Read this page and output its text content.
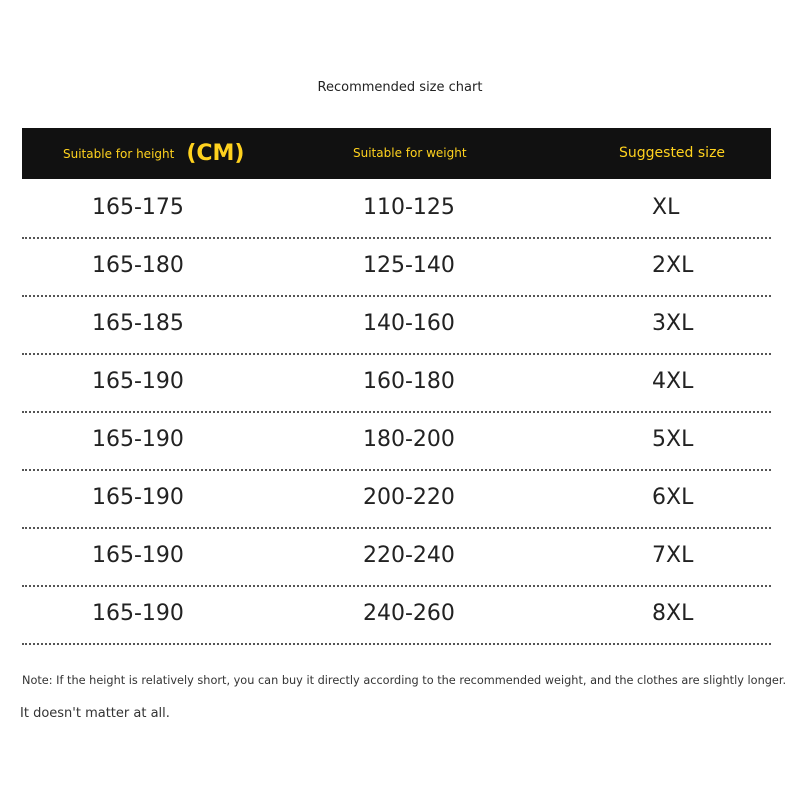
Recommended size chart
Suitable for height (CM)	Suitable for weight	Suggested size
165-175	110-125	XL
165-180	125-140	2XL
165-185	140-160	3XL
165-190	160-180	4XL
165-190	180-200	5XL
165-190	200-220	6XL
165-190	220-240	7XL
165-190	240-260	8XL
Note: If the height is relatively short, you can buy it directly according to the recommended weight, and the clothes are slightly longer.
It doesn't matter at all.
